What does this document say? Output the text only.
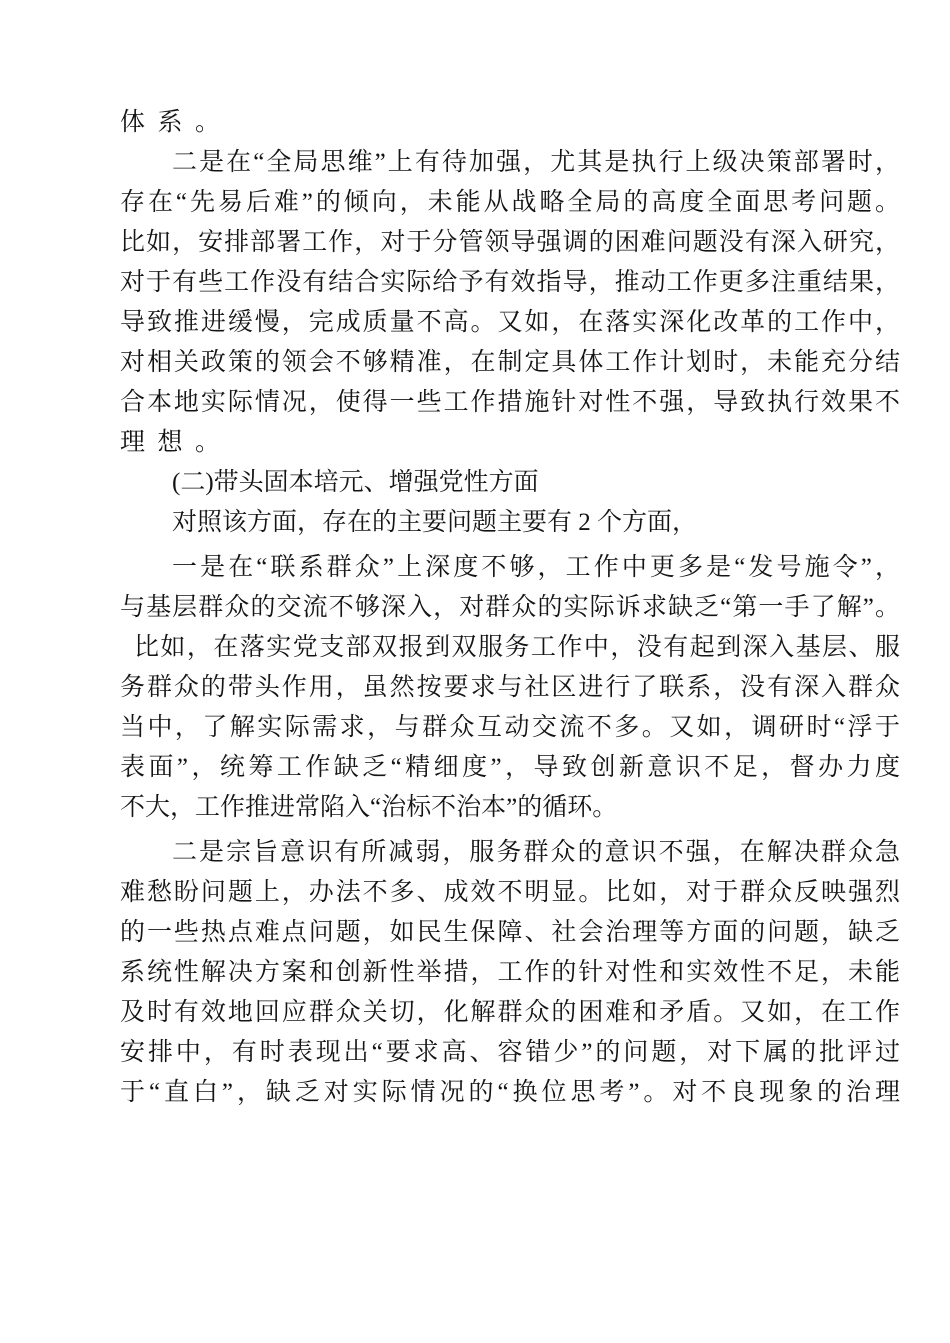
体 系 。
二是在“全局思维”上有待加强，尤其是执行上级决策部署时，
存在“先易后难”的倾向，未能从战略全局的高度全面思考问题。
比如，安排部署工作，对于分管领导强调的困难问题没有深入研究，
对于有些工作没有结合实际给予有效指导，推动工作更多注重结果，
导致推进缓慢，完成质量不高。又如，在落实深化改革的工作中，
对相关政策的领会不够精准，在制定具体工作计划时，未能充分结
合本地实际情况，使得一些工作措施针对性不强，导致执行效果不
理 想 。
(二)带头固本培元、增强党性方面
对照该方面，存在的主要问题主要有 2 个方面，
一是在“联系群众”上深度不够，工作中更多是“发号施令”，
与基层群众的交流不够深入，对群众的实际诉求缺乏“第一手了解”。
 比如，在落实党支部双报到双服务工作中，没有起到深入基层、服
务群众的带头作用，虽然按要求与社区进行了联系，没有深入群众
当中，了解实际需求，与群众互动交流不多。又如，调研时“浮于
表面”，统筹工作缺乏“精细度”，导致创新意识不足，督办力度
不大，工作推进常陷入“治标不治本”的循环。
二是宗旨意识有所减弱，服务群众的意识不强，在解决群众急
难愁盼问题上，办法不多、成效不明显。比如，对于群众反映强烈
的一些热点难点问题，如民生保障、社会治理等方面的问题，缺乏
系统性解决方案和创新性举措，工作的针对性和实效性不足，未能
及时有效地回应群众关切，化解群众的困难和矛盾。又如，在工作
安排中，有时表现出“要求高、容错少”的问题，对下属的批评过
于“直白”，缺乏对实际情况的“换位思考”。对不良现象的治理
